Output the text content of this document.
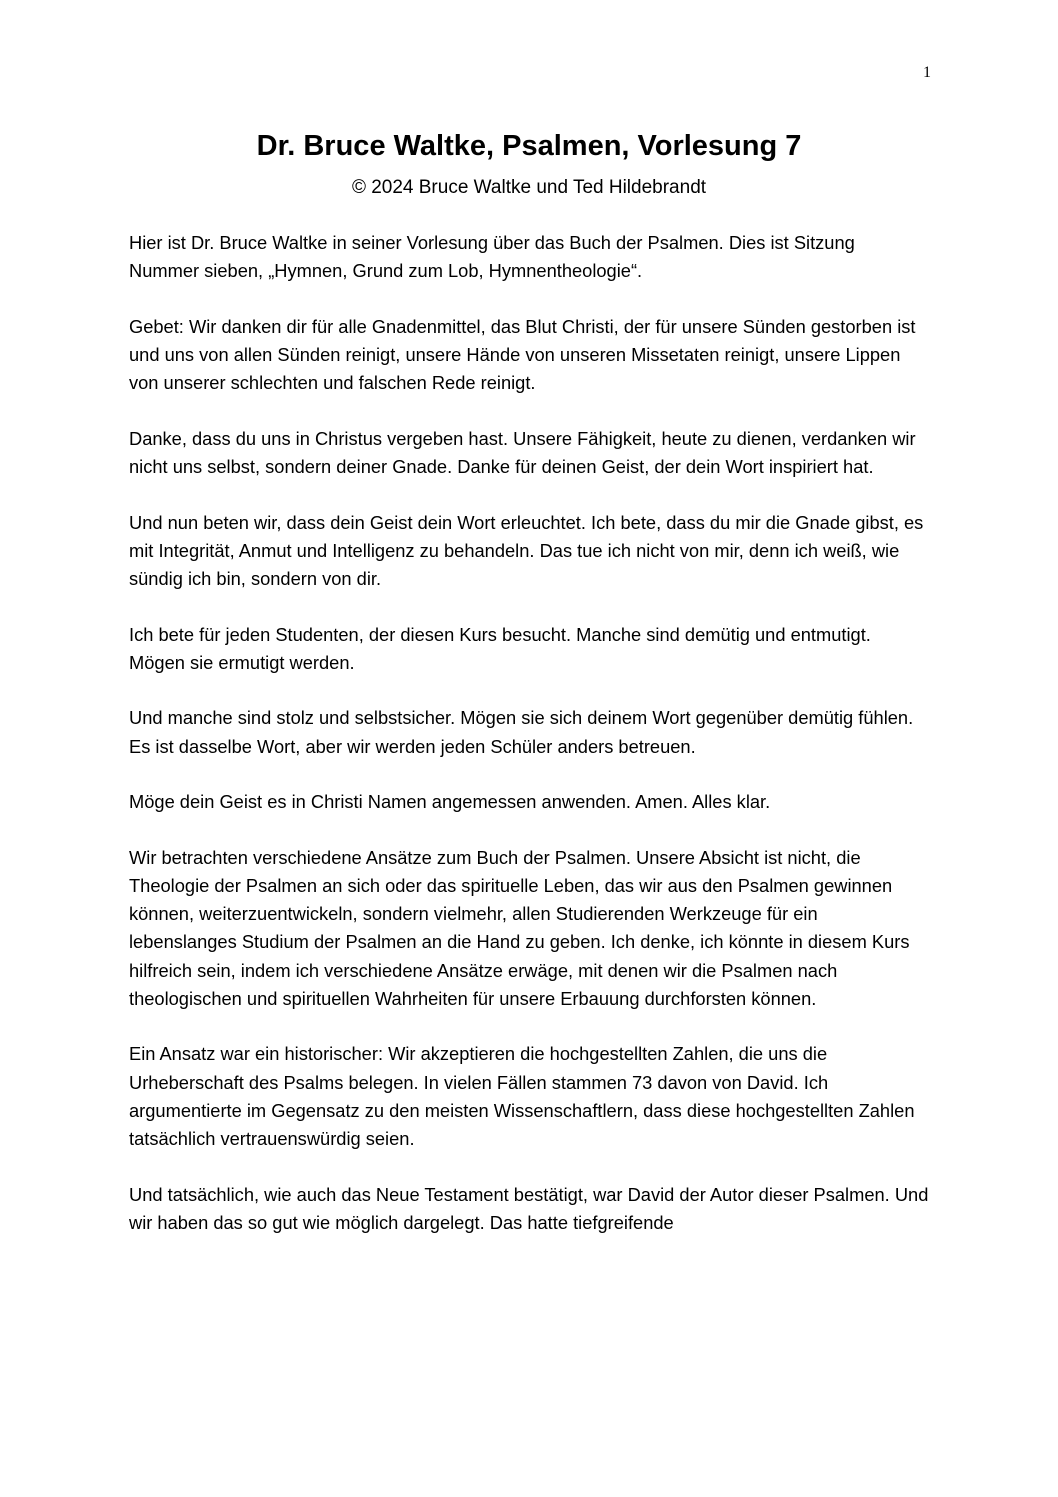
1
Dr. Bruce Waltke, Psalmen, Vorlesung 7
© 2024 Bruce Waltke und Ted Hildebrandt

Hier ist Dr. Bruce Waltke in seiner Vorlesung über das Buch der Psalmen. Dies ist Sitzung Nummer sieben, „Hymnen, Grund zum Lob, Hymnentheologie“.

Gebet: Wir danken dir für alle Gnadenmittel, das Blut Christi, der für unsere Sünden gestorben ist und uns von allen Sünden reinigt, unsere Hände von unseren Missetaten reinigt, unsere Lippen von unserer schlechten und falschen Rede reinigt.

Danke, dass du uns in Christus vergeben hast. Unsere Fähigkeit, heute zu dienen, verdanken wir nicht uns selbst, sondern deiner Gnade. Danke für deinen Geist, der dein Wort inspiriert hat.

Und nun beten wir, dass dein Geist dein Wort erleuchtet. Ich bete, dass du mir die Gnade gibst, es mit Integrität, Anmut und Intelligenz zu behandeln. Das tue ich nicht von mir, denn ich weiß, wie sündig ich bin, sondern von dir.

Ich bete für jeden Studenten, der diesen Kurs besucht. Manche sind demütig und entmutigt. Mögen sie ermutigt werden.

Und manche sind stolz und selbstsicher. Mögen sie sich deinem Wort gegenüber demütig fühlen. Es ist dasselbe Wort, aber wir werden jeden Schüler anders betreuen.

Möge dein Geist es in Christi Namen angemessen anwenden. Amen. Alles klar.

Wir betrachten verschiedene Ansätze zum Buch der Psalmen. Unsere Absicht ist nicht, die Theologie der Psalmen an sich oder das spirituelle Leben, das wir aus den Psalmen gewinnen können, weiterzuentwickeln, sondern vielmehr, allen Studierenden Werkzeuge für ein lebenslanges Studium der Psalmen an die Hand zu geben. Ich denke, ich könnte in diesem Kurs hilfreich sein, indem ich verschiedene Ansätze erwäge, mit denen wir die Psalmen nach theologischen und spirituellen Wahrheiten für unsere Erbauung durchforsten können.

Ein Ansatz war ein historischer: Wir akzeptieren die hochgestellten Zahlen, die uns die Urheberschaft des Psalms belegen. In vielen Fällen stammen 73 davon von David. Ich argumentierte im Gegensatz zu den meisten Wissenschaftlern, dass diese hochgestellten Zahlen tatsächlich vertrauenswürdig seien.

Und tatsächlich, wie auch das Neue Testament bestätigt, war David der Autor dieser Psalmen. Und wir haben das so gut wie möglich dargelegt. Das hatte tiefgreifende
